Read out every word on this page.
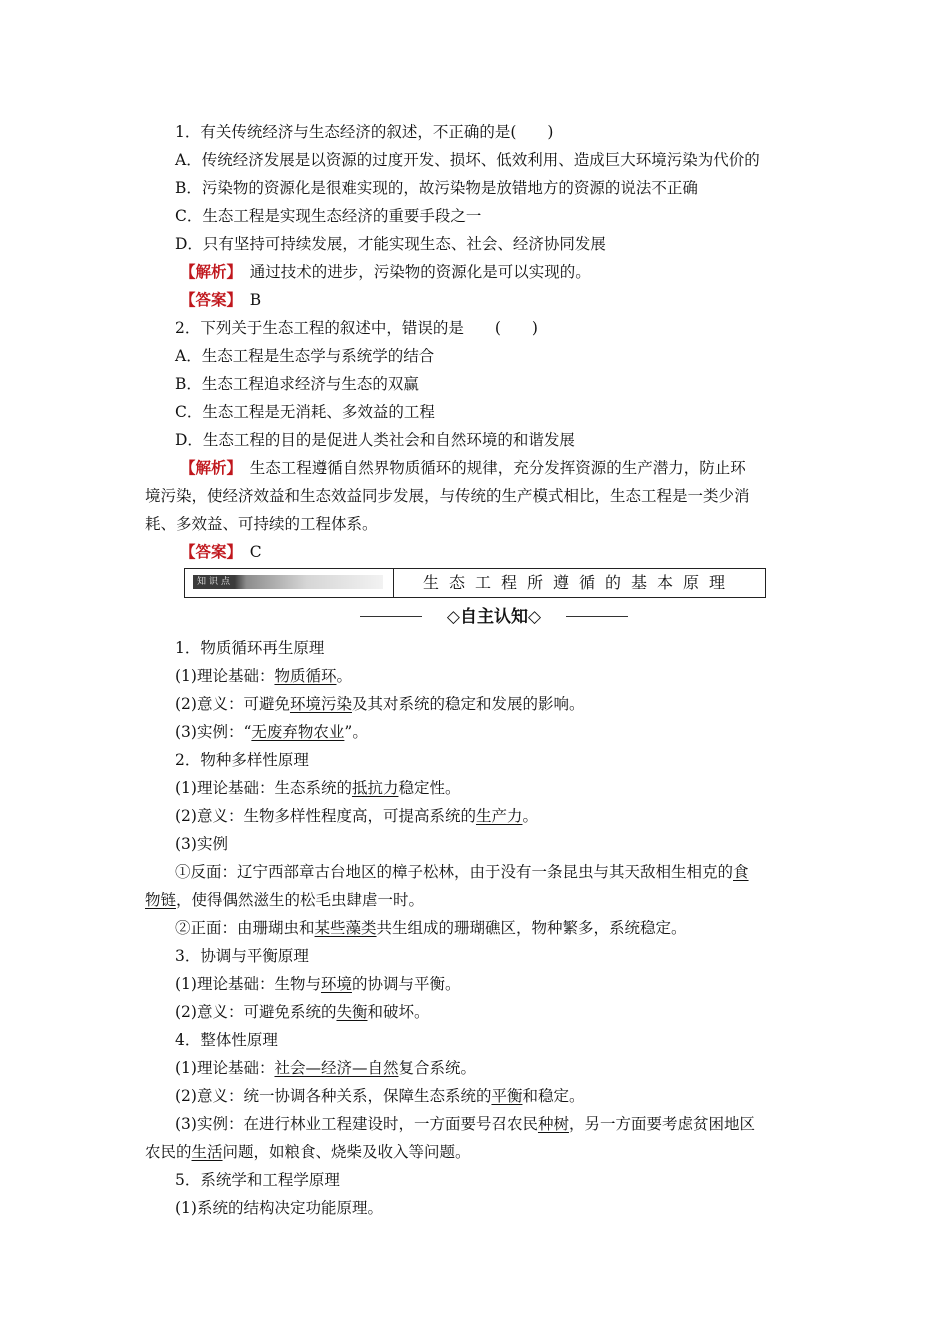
1．有关传统经济与生态经济的叙述，不正确的是(　　)
A．传统经济发展是以资源的过度开发、损坏、低效利用、造成巨大环境污染为代价的
B．污染物的资源化是很难实现的，故污染物是放错地方的资源的说法不正确
C．生态工程是实现生态经济的重要手段之一
D．只有坚持可持续发展，才能实现生态、社会、经济协同发展
【解析】　通过技术的进步，污染物的资源化是可以实现的。
【答案】　B
2．下列关于生态工程的叙述中，错误的是　　(　　)
A．生态工程是生态学与系统学的结合
B．生态工程追求经济与生态的双赢
C．生态工程是无消耗、多效益的工程
D．生态工程的目的是促进人类社会和自然环境的和谐发展
【解析】　生态工程遵循自然界物质循环的规律，充分发挥资源的生产潜力，防止环
境污染，使经济效益和生态效益同步发展，与传统的生产模式相比，生态工程是一类少消
耗、多效益、可持续的工程体系。
【答案】　C
知识点	生态工程所遵循的基本原理
◇自主认知◇
1．物质循环再生原理
(1)理论基础：物质循环。
(2)意义：可避免环境污染及其对系统的稳定和发展的影响。
(3)实例：“无废弃物农业”。
2．物种多样性原理
(1)理论基础：生态系统的抵抗力稳定性。
(2)意义：生物多样性程度高，可提高系统的生产力。
(3)实例
①反面：辽宁西部章古台地区的樟子松林，由于没有一条昆虫与其天敌相生相克的食
物链，使得偶然滋生的松毛虫肆虐一时。
②正面：由珊瑚虫和某些藻类共生组成的珊瑚礁区，物种繁多，系统稳定。
3．协调与平衡原理
(1)理论基础：生物与环境的协调与平衡。
(2)意义：可避免系统的失衡和破坏。
4．整体性原理
(1)理论基础：社会—经济—自然复合系统。
(2)意义：统一协调各种关系，保障生态系统的平衡和稳定。
(3)实例：在进行林业工程建设时，一方面要号召农民种树，另一方面要考虑贫困地区
农民的生活问题，如粮食、烧柴及收入等问题。
5．系统学和工程学原理
(1)系统的结构决定功能原理。
